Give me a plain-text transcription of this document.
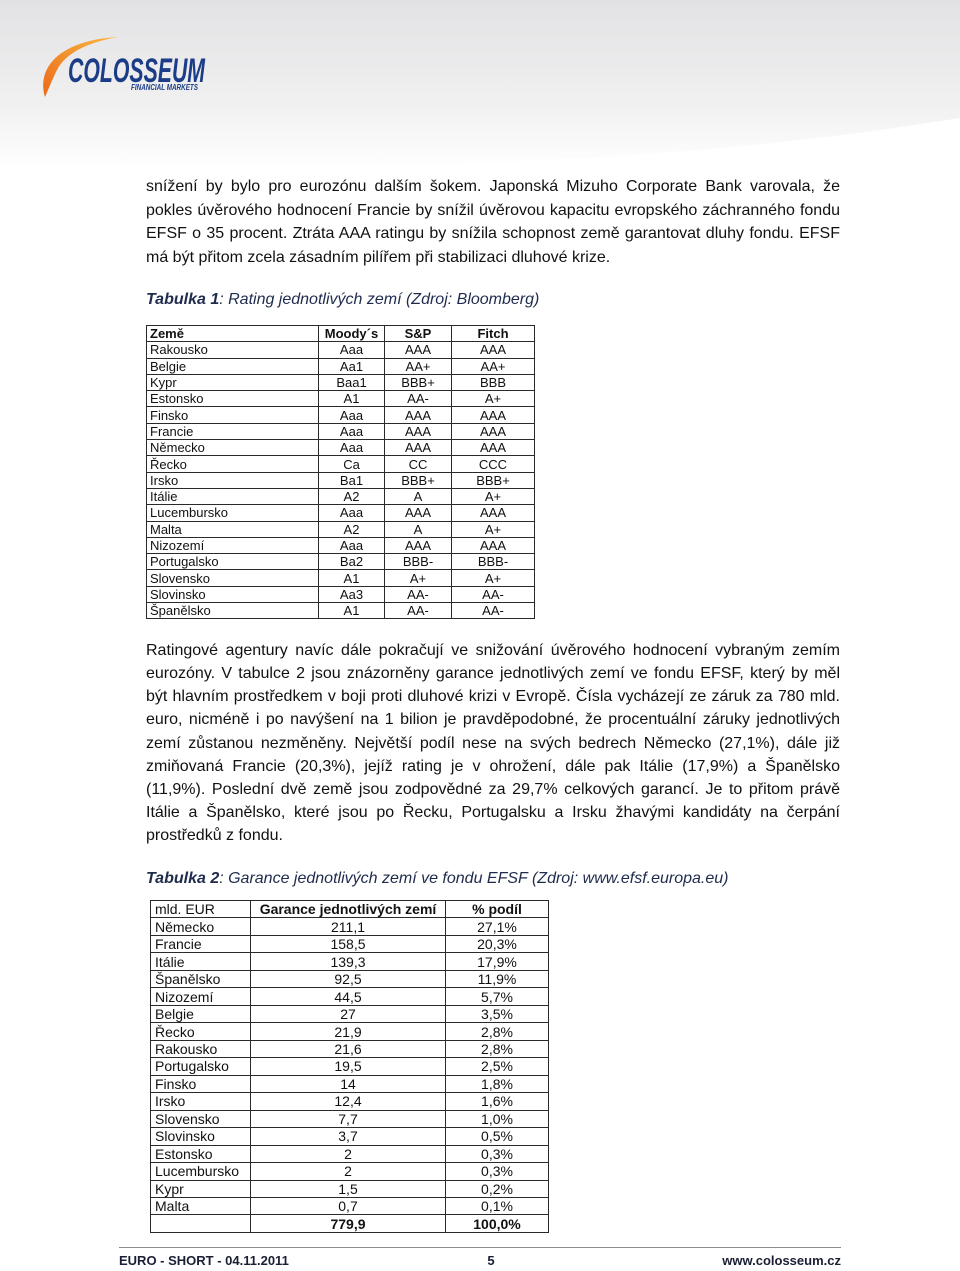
COLOSSEUM
FINANCIAL MARKETS
snížení by bylo pro eurozónu dalším šokem. Japonská Mizuho Corporate Bank varovala, že
pokles úvěrového hodnocení Francie by snížil úvěrovou kapacitu evropského záchranného fondu
EFSF o 35 procent. Ztráta AAA ratingu by snížila schopnost země garantovat dluhy fondu. EFSF
má být přitom zcela zásadním pilířem při stabilizaci dluhové krize.
Tabulka 1: Rating jednotlivých zemí (Zdroj: Bloomberg)
Země	Moody´s	S&P	Fitch
Rakousko	Aaa	AAA	AAA
Belgie	Aa1	AA+	AA+
Kypr	Baa1	BBB+	BBB
Estonsko	A1	AA-	A+
Finsko	Aaa	AAA	AAA
Francie	Aaa	AAA	AAA
Německo	Aaa	AAA	AAA
Řecko	Ca	CC	CCC
Irsko	Ba1	BBB+	BBB+
Itálie	A2	A	A+
Lucembursko	Aaa	AAA	AAA
Malta	A2	A	A+
Nizozemí	Aaa	AAA	AAA
Portugalsko	Ba2	BBB-	BBB-
Slovensko	A1	A+	A+
Slovinsko	Aa3	AA-	AA-
Španělsko	A1	AA-	AA-
Ratingové agentury navíc dále pokračují ve snižování úvěrového hodnocení vybraným zemím
eurozóny. V tabulce 2 jsou znázorněny garance jednotlivých zemí ve fondu EFSF, který by měl
být hlavním prostředkem v boji proti dluhové krizi v Evropě. Čísla vycházejí ze záruk za 780 mld.
euro, nicméně i po navýšení na 1 bilion je pravděpodobné, že procentuální záruky jednotlivých
zemí zůstanou nezměněny. Největší podíl nese na svých bedrech Německo (27,1%), dále již
zmiňovaná Francie (20,3%), jejíž rating je v ohrožení, dále pak Itálie (17,9%) a Španělsko
(11,9%). Poslední dvě země jsou zodpovědné za 29,7% celkových garancí. Je to přitom právě
Itálie a Španělsko, které jsou po Řecku, Portugalsku a Irsku žhavými kandidáty na čerpání
prostředků z fondu.
Tabulka 2: Garance jednotlivých zemí ve fondu EFSF (Zdroj: www.efsf.europa.eu)
mld. EUR	Garance jednotlivých zemí	% podíl
Německo	211,1	27,1%
Francie	158,5	20,3%
Itálie	139,3	17,9%
Španělsko	92,5	11,9%
Nizozemí	44,5	5,7%
Belgie	27	3,5%
Řecko	21,9	2,8%
Rakousko	21,6	2,8%
Portugalsko	19,5	2,5%
Finsko	14	1,8%
Irsko	12,4	1,6%
Slovensko	7,7	1,0%
Slovinsko	3,7	0,5%
Estonsko	2	0,3%
Lucembursko	2	0,3%
Kypr	1,5	0,2%
Malta	0,7	0,1%
	779,9	100,0%
EURO - SHORT - 04.11.2011	5	www.colosseum.cz
